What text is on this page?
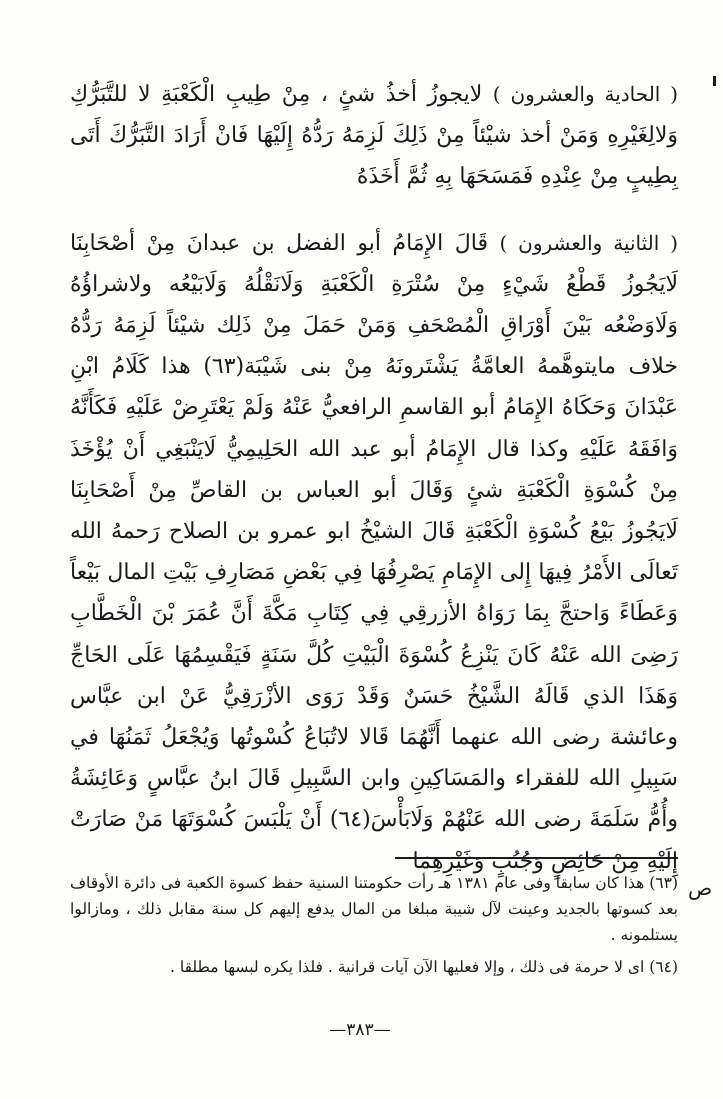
( الحادية والعشرون ) لايجوزُ أخذُ شئٍ ، مِنْ طِيبِ الْكَعْبَةِ لا للتَّبَرُّكِ وَلالِغَيْرِهِ وَمَنْ أخذ شيْئاً مِنْ ذَلِكَ لَزِمَهُ رَدُّهُ إِلَيْهَا فَانْ أَرَادَ التَّبَرُّكَ أَتَى بِطِيبٍ مِنْ عِنْدِهِ فَمَسَحَهَا بِهِ ثُمَّ أَخَذَهُ

( الثانية والعشرون ) قَالَ الإِمَامُ أبو الفضل بن عبدانَ مِنْ أصْحَابِنَا لَايَجُوزُ قَطْعُ شَيْءٍ مِنْ سُتْرَةِ الْكَعْبَةِ وَلَانَقْلُهُ وَلَابَيْعُه ولاشراؤُهُ وَلَاوَضْعُه بَيْنَ أَوْرَاقِ الْمُصْحَفِ وَمَنْ حَمَلَ مِنْ ذَلِك شيْئاً لَزِمَهُ رَدُّهُ خلاف مايتوهَّمهُ العامَّةُ يَشْتَرونَهُ مِنْ بنى شَيْبَة(٦٣) هذا كَلَامُ ابْنِ عَبْدَانَ وَحَكَاهُ الإِمَامُ أبو القاسمِ الرافعيُّ عَنْهُ وَلَمْ يَعْتَرِضْ عَلَيْهِ فَكَأَنَّهُ وَافَقَهُ عَلَيْهِ وكذا قال الإِمَامُ أبو عبد الله الحَلِيمِيُّ لَايَنْبَغِي أَنْ يُؤْخَذَ مِنْ كُسْوَةِ الْكَعْبَةِ شئٍ وَقَالَ أبو العباس بن القاصِّ مِنْ أَصْحَابِنَا لَايَجُوزُ بَيْعُ كُسْوَةِ الْكَعْبَةِ قَالَ الشيْخُ ابو عمرو بن الصلاح رَحمهُ الله تَعالَى الأَمْرُ فِيهَا إِلى الإِمَامِ يَصْرِفُهَا فِي بَعْضِ مَصَارِفِ بَيْتِ المال بَيْعاً وَعَطَاءً وَاحتجَّ بِمَا رَوَاهُ الأزرقِي فِي كِتَابِ مَكَّةَ أَنَّ عُمَرَ بْنَ الْخَطَّابِ رَضِىَ الله عَنْهُ كَانَ يَنْزِعُ كُسْوَةَ الْبَيْتِ كُلَّ سَنَةٍ فَيَقْسِمُهَا عَلَى الحَاجِّ وَهَذَا الذي قَالَهُ الشَّيْخُ حَسَنٌ وَقَدْ رَوَى الأزْرَقِيُّ عَنْ ابن عبَّاس وعائشة رضى الله عنهما أَنَّهُمَا قَالا لاتُبَاعُ كُسْوتُها وَيُجْعَلُ ثَمَنُهَا في سَبِيلِ الله للفقراء والمَسَاكِينِ وابن السَّبِيلِ قَالَ ابنُ عبَّاسٍ وَعَائِشَةُ وأُمُّ سَلَمَةَ رضى الله عَنْهُمْ وَلَابَأْسَ(٦٤) أَنْ يَلْبَسَ كُسْوَتَهَا مَنْ صَارَتْ إِلَيْهِ مِنْ حَائِضٍ وَجُنُبٍ وَغَيْرِهِمَا

ص

(٦٣) هذا كان سابقا وفى عام ١٣٨١ هـ رأت حكومتنا السنية حفظ كسوة الكعبة فى دائرة الأوقاف بعد كسوتها بالجديد وعينت لآل شيبة مبلغا من المال يدفع إليهم كل سنة مقابل ذلك ، ومازالوا يستلمونه .

(٦٤) اى لا حرمة فى ذلك ، وإلا فعليها الآن آيات قرانية . فلذا يكره لبسها مطلقا .

—٣٨٣—
